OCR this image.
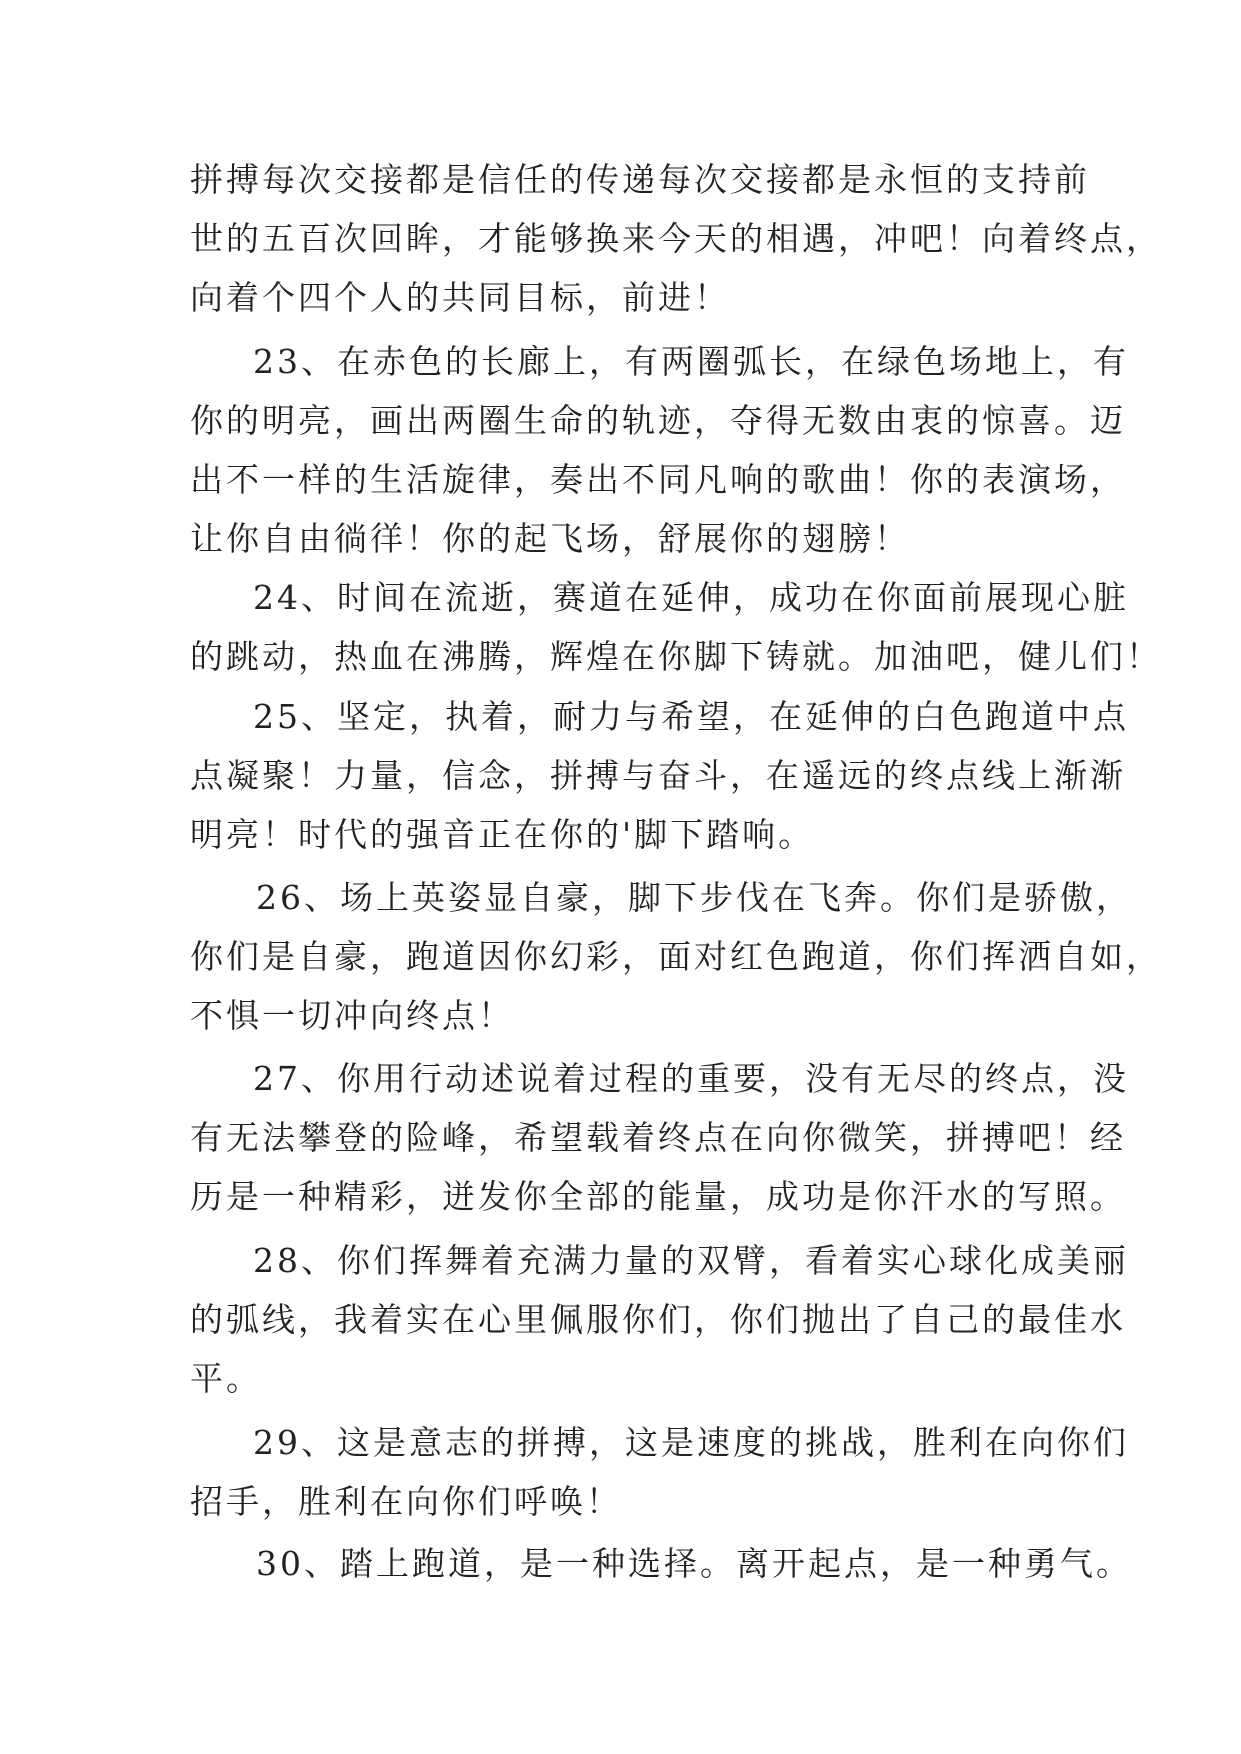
拼搏每次交接都是信任的传递每次交接都是永恒的支持前
世的五百次回眸，才能够换来今天的相遇，冲吧！向着终点，
向着个四个人的共同目标，前进！
23、在赤色的长廊上，有两圈弧长，在绿色场地上，有
你的明亮，画出两圈生命的轨迹，夺得无数由衷的惊喜。迈
出不一样的生活旋律，奏出不同凡响的歌曲！你的表演场，
让你自由徜徉！你的起飞场，舒展你的翅膀！
24、时间在流逝，赛道在延伸，成功在你面前展现心脏
的跳动，热血在沸腾，辉煌在你脚下铸就。加油吧，健儿们！
25、坚定，执着，耐力与希望，在延伸的白色跑道中点
点凝聚！力量，信念，拼搏与奋斗，在遥远的终点线上渐渐
明亮！时代的强音正在你的'脚下踏响。
26、场上英姿显自豪，脚下步伐在飞奔。你们是骄傲，
你们是自豪，跑道因你幻彩，面对红色跑道，你们挥洒自如，
不惧一切冲向终点！
27、你用行动述说着过程的重要，没有无尽的终点，没
有无法攀登的险峰，希望载着终点在向你微笑，拼搏吧！经
历是一种精彩，迸发你全部的能量，成功是你汗水的写照。
28、你们挥舞着充满力量的双臂，看着实心球化成美丽
的弧线，我着实在心里佩服你们，你们抛出了自己的最佳水
平。
29、这是意志的拼搏，这是速度的挑战，胜利在向你们
招手，胜利在向你们呼唤！
30、踏上跑道，是一种选择。离开起点，是一种勇气。
